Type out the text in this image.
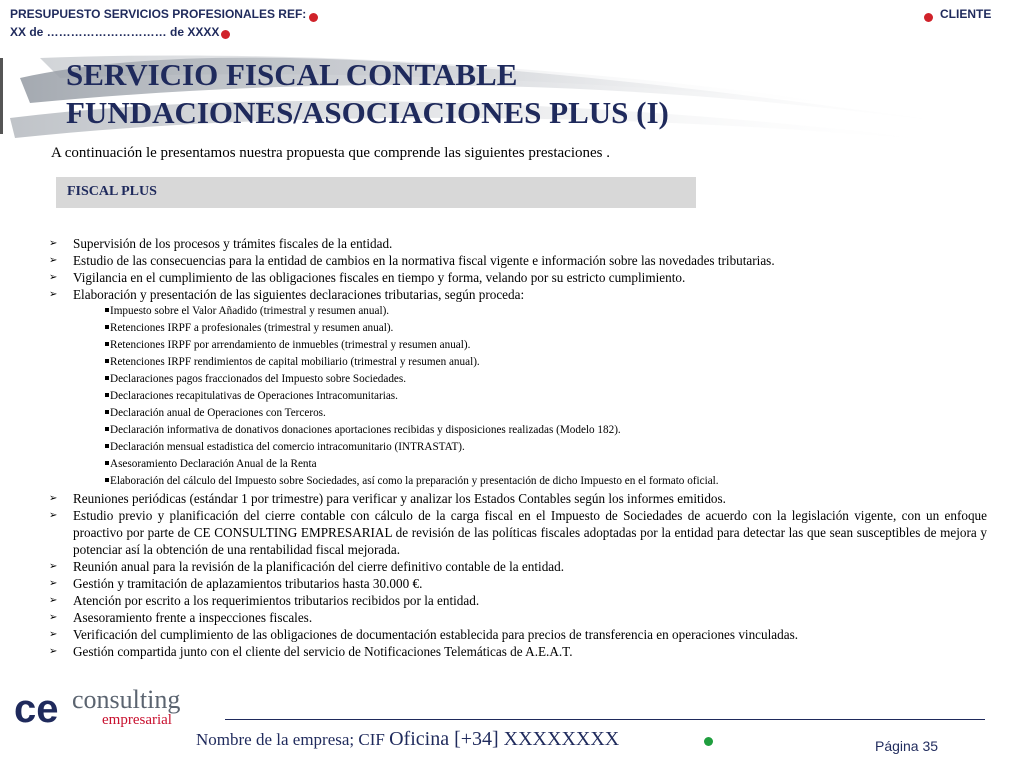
PRESUPUESTO SERVICIOS PROFESIONALES REF:
XX de ………………………… de XXXX
CLIENTE
SERVICIO FISCAL CONTABLE
FUNDACIONES/ASOCIACIONES PLUS (I)
A continuación le presentamos nuestra propuesta que comprende las siguientes prestaciones .
FISCAL PLUS
➢ Supervisión de los procesos y trámites fiscales de la entidad.
➢ Estudio de las consecuencias para la entidad de cambios en la normativa fiscal vigente e información sobre las novedades tributarias.
➢ Vigilancia en el cumplimiento de las obligaciones fiscales en tiempo y forma, velando por su estricto cumplimiento.
➢ Elaboración y presentación de las siguientes declaraciones tributarias, según proceda:
Impuesto sobre el Valor Añadido (trimestral y resumen anual).
Retenciones IRPF a profesionales (trimestral y resumen anual).
Retenciones IRPF por arrendamiento de inmuebles (trimestral y resumen anual).
Retenciones IRPF rendimientos de capital mobiliario (trimestral y resumen anual).
Declaraciones pagos fraccionados del Impuesto sobre Sociedades.
Declaraciones recapitulativas de Operaciones Intracomunitarias.
Declaración anual de Operaciones con Terceros.
Declaración informativa de donativos donaciones aportaciones recibidas y disposiciones realizadas (Modelo 182).
Declaración mensual estadistica del comercio intracomunitario (INTRASTAT).
Asesoramiento Declaración Anual de la Renta
Elaboración del cálculo del Impuesto sobre Sociedades, así como la preparación y presentación de dicho Impuesto en el formato oficial.
➢ Reuniones periódicas (estándar 1 por trimestre) para verificar y analizar los Estados Contables según los informes emitidos.
➢ Estudio previo y planificación del cierre contable con cálculo de la carga fiscal en el Impuesto de Sociedades de acuerdo con la legislación vigente, con un enfoque proactivo por parte de CE CONSULTING EMPRESARIAL de revisión de las políticas fiscales adoptadas por la entidad para detectar las que sean susceptibles de mejora y potenciar así la obtención de una rentabilidad fiscal mejorada.
➢ Reunión anual para la revisión de la planificación del cierre definitivo contable de la entidad.
➢ Gestión y tramitación de aplazamientos tributarios hasta 30.000 €.
➢ Atención por escrito a los requerimientos tributarios recibidos por la entidad.
➢ Asesoramiento frente a inspecciones fiscales.
➢ Verificación del cumplimiento de las obligaciones de documentación establecida para precios de transferencia en operaciones vinculadas.
➢ Gestión compartida junto con el cliente del servicio de Notificaciones Telemáticas de A.E.A.T.
ce consulting
empresarial
Nombre de la empresa; CIF Oficina [+34] XXXXXXXX	Página 35
